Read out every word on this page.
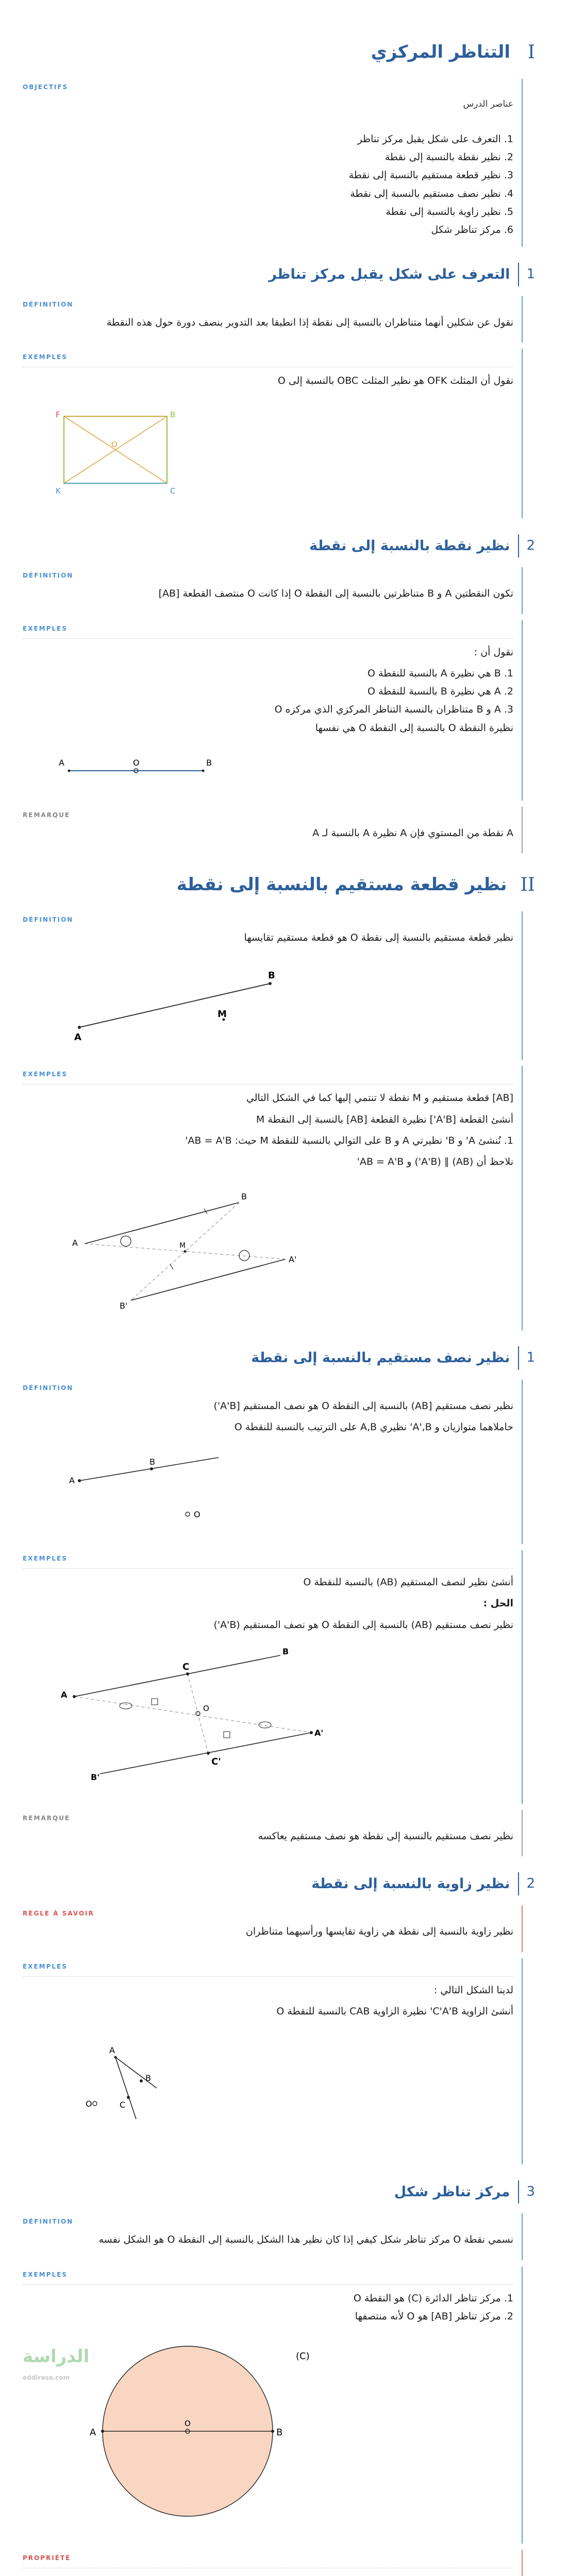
I
التناظر المركزي
OBJECTIFS
عناصر الدرس
1. التعرف على شكل يقبل مركز تناظر
2. نظير نقطة بالنسبة إلى نقطة
3. نظير قطعة مستقيم بالنسبة إلى نقطة
4. نظير نصف مستقيم بالنسبة إلى نقطة
5. نظير زاوية بالنسبة إلى نقطة
6. مركز تناظر شكل
1
التعرف على شكل يقبل مركز تناظر
DÉFINITION
نقول عن شكلين أنهما متناظران بالنسبة إلى نقطة إذا انطبقا بعد التدوير بنصف دورة حول هذه النقطة
EXEMPLES
نقول أن المثلث OFK هو نظير المثلث OBC بالنسبة إلى O
F	B
O
K	C
2
نظير نقطة بالنسبة إلى نقطة
DÉFINITION
تكون النقطتين A و B متناظرتين بالنسبة إلى النقطة O إذا كانت O منتصف القطعة [AB]
EXEMPLES
نقول أن :
1. B هي نظيرة A بالنسبة للنقطة O
2. A هي نظيرة B بالنسبة للنقطة O
3. A و B متناظران بالنسبة التناظر المركزي الذي مركزه O
نظيرة النقطة O بالنسبة إلى النقطة O هي نفسها
A	O	B
REMARQUE
A نقطة من المستوي فإن A نظيرة A بالنسبة لـ A
II
نظير قطعة مستقيم بالنسبة إلى نقطة
DÉFINITION
نظير قطعة مستقيم بالنسبة إلى نقطة O هو قطعة مستقيم تقايسها
A
B
M
EXEMPLES
[AB] قطعة مستقيم و M نقطة لا تنتمي إليها كما في الشكل التالي
أنشئ القطعة [A'B'] نظيرة القطعة [AB] بالنسبة إلى النقطة M
1. نُنشئ A' و B' نظيرتي A و B على التوالي بالنسبة للنقطة M حيث: AB = A'B'
نلاحظ أن (AB) ∥ (A'B') و AB = A'B'
A
B
M
A'
B'
1
نظير نصف مستقيم بالنسبة إلى نقطة
DÉFINITION
نظير نصف مستقيم [AB) بالنسبة إلى النقطة O هو نصف المستقيم [A'B')
حاملاهما متوازيان و A',B' نظيري A,B على الترتيب بالنسبة للنقطة O
A
B
O
EXEMPLES
أنشئ نظير لنصف المستقيم (AB) بالنسبة للنقطة O
الحل :
نظير نصف مستقيم (AB) بالنسبة إلى النقطة O هو نصف المستقيم (A'B')
A
B
C
O
A'
B'
C'
REMARQUE
نظير نصف مستقيم بالنسبة إلى نقطة هو نصف مستقيم يعاكسه
2
نظير زاوية بالنسبة إلى نقطة
RÈGLE À SAVOIR
نظير زاوية بالنسبة إلى نقطة هي زاوية تقايسها ورأسيهما متناظران
EXEMPLES
لدينا الشكل التالي :
أنشئ الزاوية C'A'B' نظيرة الزاوية CAB بالنسبة للنقطة O
A
B
C
O
3
مركز تناظر شكل
DÉFINITION
نسمي نقطة O مركز تناظر شكل كيفي إذا كان نظير هذا الشكل بالنسبة إلى النقطة O هو الشكل نفسه
EXEMPLES
1. مركز تناظر الدائرة (C) هو النقطة O
2. مركز تناظر [AB] هو O لأنه منتصفها
الدراسة
eddirasa.com
A
O
B
(C)
PROPRIÉTÉ
